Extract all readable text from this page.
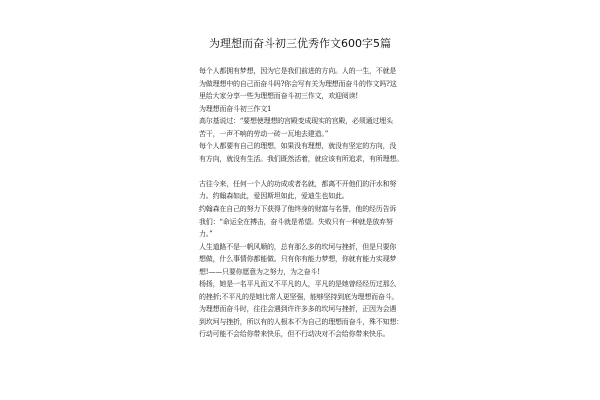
为理想而奋斗初三优秀作文600字5篇
每个人都拥有梦想，因为它是我们前进的方向。人的一生，不就是
为做理想中的自己而奋斗吗?你会写有关为理想而奋斗的作文吗?这
里给大家分享一些为理想而奋斗初三作文，欢迎阅读!
为理想而奋斗初三作文1
高尔基说过：“要想使理想的宫殿变成现实的宫殿，必须通过埋头
苦干，一声不响的劳动一砖一瓦地去建造。”
每个人都要有自己的理想，如果没有理想，就没有坚定的方向，没
有方向，就没有生活。我们既然活着，就应该有所追求，有所理想。
古往今来，任何一个人的功成或者名就，都离不开他们的汗水和努
力。约翰森如此，爱因斯坦如此，爱迪生也如此。
约翰森在自己的努力下获得了他终身的财富与名誉，他的经历告诉
我们：“命运全在搏击，奋斗就是希望。失败只有一种就是放弃努
力。”
人生道路不是一帆风顺的，总有那么多的坎坷与挫折，但是只要你
想做，什么事情你都能做。只有你有能力梦想，你就有能力实现梦
想!——只要你愿意为之努力，为之奋斗!
杨扬，她是一名平凡而又不平凡的人，平凡的是她曾经经历过那么
的挫折;不平凡的是她比常人更坚强，能够坚持到底为理想而奋斗。
为理想而奋斗时，往往会遇到许许多多的坎坷与挫折，正因为会遇
到坎坷与挫折，所以有的人根本不为自己的理想而奋斗，殊不知想：
行动可能不会给你带来快乐，但不行动决对不会给你带来快乐。
